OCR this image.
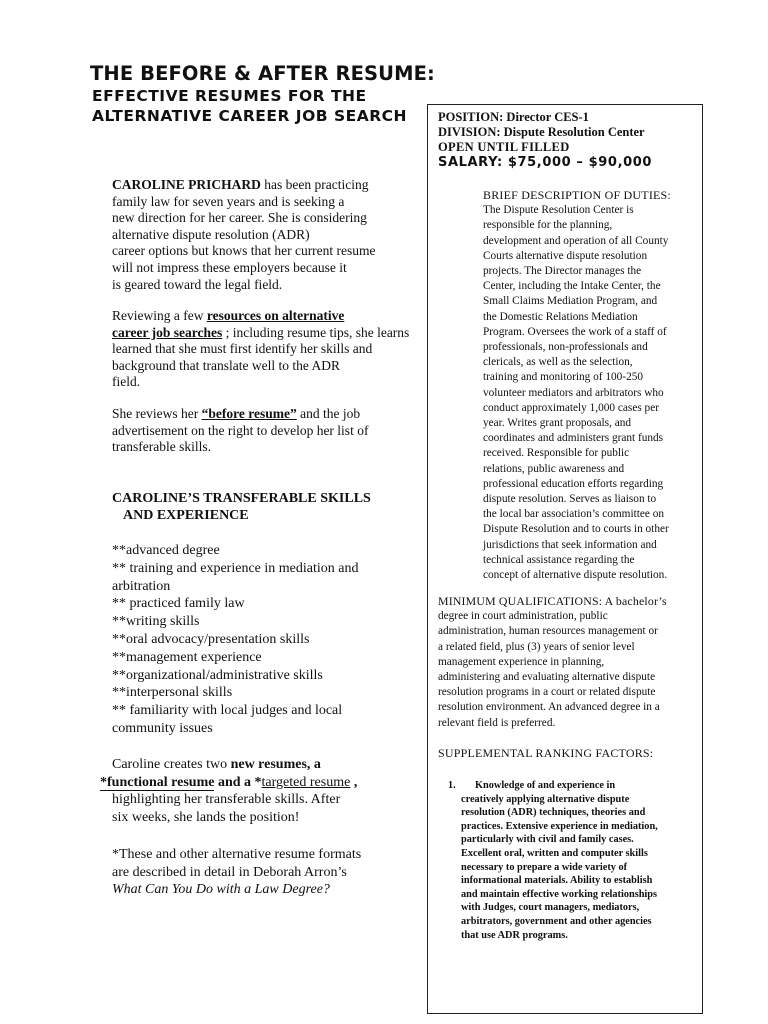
THE BEFORE & AFTER RESUME:
EFFECTIVE RESUMES FOR THE
ALTERNATIVE CAREER JOB SEARCH
CAROLINE PRICHARD has been practicing
family law for seven years and is seeking a
new direction for her career. She is considering
alternative dispute resolution (ADR)
career options but knows that her current resume
will not impress these employers because it
is geared toward the legal field.
Reviewing a few resources on alternative
career job searches ; including resume tips, she learns
learned that she must first identify her skills and
background that translate well to the ADR
field.
She reviews her “before resume” and the job
advertisement on the right to develop her list of
transferable skills.
CAROLINE’S TRANSFERABLE SKILLS
AND EXPERIENCE
**advanced degree
** training and experience in mediation and
arbitration
** practiced family law
**writing skills
**oral advocacy/presentation skills
**management experience
**organizational/administrative skills
**interpersonal skills
** familiarity with local judges and local
community issues
Caroline creates two new resumes, a
*functional resume and a *targeted resume ,
highlighting her transferable skills. After
six weeks, she lands the position!
*These and other alternative resume formats
are described in detail in Deborah Arron’s
What Can You Do with a Law Degree?
POSITION: Director CES-1
DIVISION: Dispute Resolution Center
OPEN UNTIL FILLED
SALARY: $75,000 – $90,000
BRIEF DESCRIPTION OF DUTIES:
The Dispute Resolution Center is
responsible for the planning,
development and operation of all County
Courts alternative dispute resolution
projects. The Director manages the
Center, including the Intake Center, the
Small Claims Mediation Program, and
the Domestic Relations Mediation
Program. Oversees the work of a staff of
professionals, non-professionals and
clericals, as well as the selection,
training and monitoring of 100-250
volunteer mediators and arbitrators who
conduct approximately 1,000 cases per
year. Writes grant proposals, and
coordinates and administers grant funds
received. Responsible for public
relations, public awareness and
professional education efforts regarding
dispute resolution. Serves as liaison to
the local bar association’s committee on
Dispute Resolution and to courts in other
jurisdictions that seek information and
technical assistance regarding the
concept of alternative dispute resolution.
MINIMUM QUALIFICATIONS: A bachelor’s
degree in court administration, public
administration, human resources management or
a related field, plus (3) years of senior level
management experience in planning,
administering and evaluating alternative dispute
resolution programs in a court or related dispute
resolution environment. An advanced degree in a
relevant field is preferred.
SUPPLEMENTAL RANKING FACTORS:
1.	Knowledge of and experience in
creatively applying alternative dispute
resolution (ADR) techniques, theories and
practices. Extensive experience in mediation,
particularly with civil and family cases.
Excellent oral, written and computer skills
necessary to prepare a wide variety of
informational materials. Ability to establish
and maintain effective working relationships
with Judges, court managers, mediators,
arbitrators, government and other agencies
that use ADR programs.
